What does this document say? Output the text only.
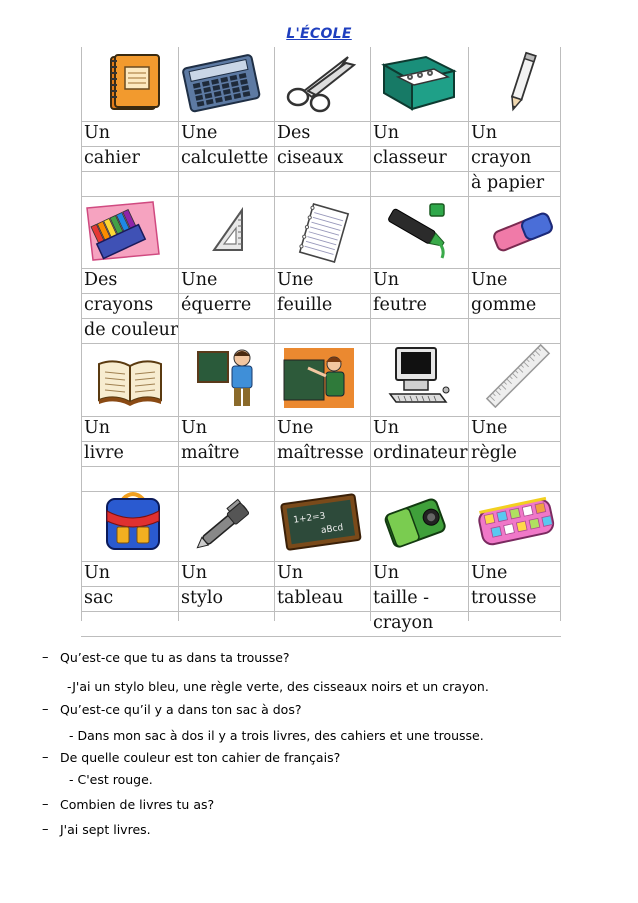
L'ÉCOLE
Un
cahier
Une
calculette
Des
ciseaux
Un
classeur
Un
crayon
à papier
Des
crayons
de couleur
Une
équerre
Une
feuille
Un
feutre
Une
gomme
Un
livre
Un
maître
Une
maîtresse
Un
ordinateur
Une
règle
Un
sac
Un
stylo
1+2=3
aBcd
Un
tableau
Un
taille -
crayon
Une
trousse
– Qu’est-ce que tu as dans ta trousse?
-J'ai un stylo bleu, une règle verte, des cisseaux noirs et un crayon.
– Qu’est-ce qu’il y a dans ton sac à dos?
- Dans mon sac à dos il y a trois livres, des cahiers et une trousse.
– De quelle couleur est ton cahier de français?
- C'est rouge.
– Combien de livres tu as?
– J'ai sept livres.
